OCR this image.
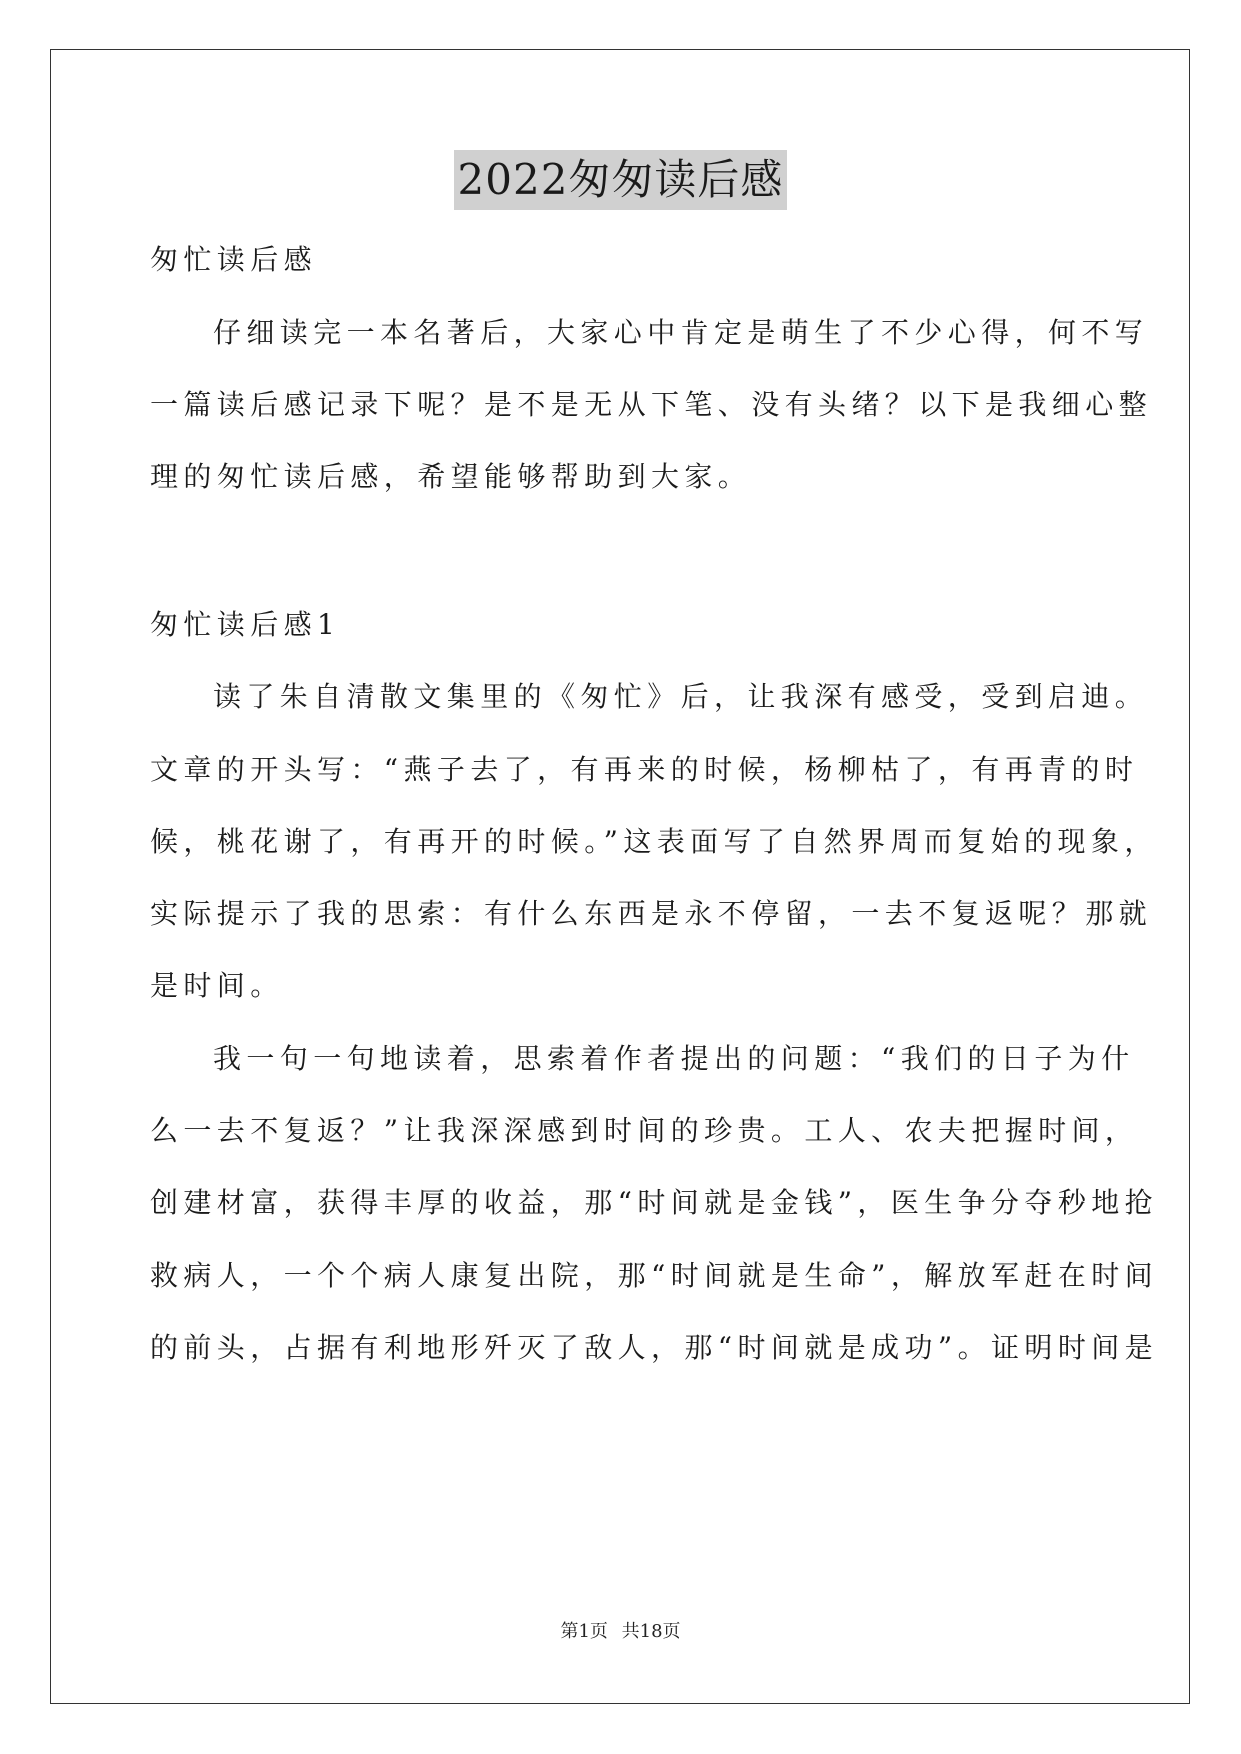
2022匆匆读后感
匆忙读后感
仔细读完一本名著后，大家心中肯定是萌生了不少心得，何不写
一篇读后感记录下呢？是不是无从下笔、没有头绪？以下是我细心整
理的匆忙读后感，希望能够帮助到大家。
匆忙读后感1
读了朱自清散文集里的《匆忙》后，让我深有感受，受到启迪。
文章的开头写：“燕子去了，有再来的时候，杨柳枯了，有再青的时
候，桃花谢了，有再开的时候。”这表面写了自然界周而复始的现象，
实际提示了我的思索：有什么东西是永不停留，一去不复返呢？那就
是时间。
我一句一句地读着，思索着作者提出的问题：“我们的日子为什
么一去不复返？”让我深深感到时间的珍贵。工人、农夫把握时间，
创建材富，获得丰厚的收益，那“时间就是金钱”，医生争分夺秒地抢
救病人，一个个病人康复出院，那“时间就是生命”，解放军赶在时间
的前头，占据有利地形歼灭了敌人，那“时间就是成功”。证明时间是
第1页 共18页
